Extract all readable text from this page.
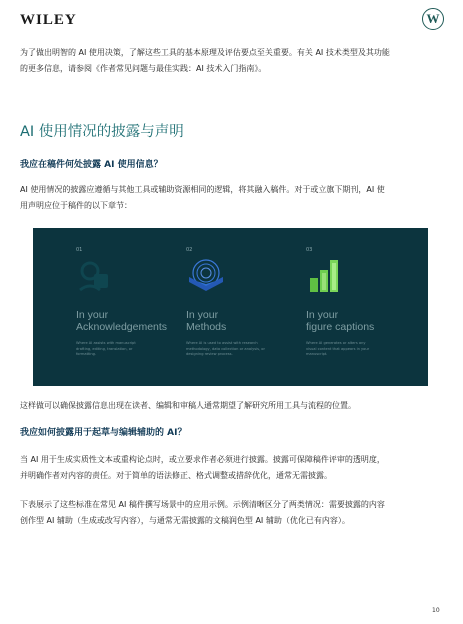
WILEY	W
为了做出明智的 AI 使用决策，了解这些工具的基本原理及评估要点至关重要。有关 AI 技术类型及其功能
的更多信息，请参阅《作者常见问题与最佳实践：AI 技术入门指南》。
AI 使用情况的披露与声明
我应在稿件何处披露 AI 使用信息？
AI 使用情况的披露应遵循与其他工具或辅助资源相同的逻辑，将其融入稿件。对于或立旗下期刊，AI 使
用声明应位于稿件的以下章节：
01
In your
Acknowledgements
Where AI assists with manuscript
drafting, editing, translation, or
formatting.
02
In your
Methods
Where AI is used to assist with research
methodology, data collection or analysis, or
designing review process.
03
In your
figure captions
Where AI generates or alters any
visual content that appears in your
manuscript.
这样做可以确保披露信息出现在读者、编辑和审稿人通常期望了解研究所用工具与流程的位置。
我应如何披露用于起草与编辑辅助的 AI？
当 AI 用于生成实质性文本或重构论点时，或立要求作者必须进行披露。披露可保障稿件评审的透明度，
并明确作者对内容的责任。对于简单的语法修正、格式调整或措辞优化，通常无需披露。
下表展示了这些标准在常见 AI 稿件撰写场景中的应用示例。示例清晰区分了两类情况：需要披露的内容
创作型 AI 辅助（生成或改写内容），与通常无需披露的文稿润色型 AI 辅助（优化已有内容）。
10
